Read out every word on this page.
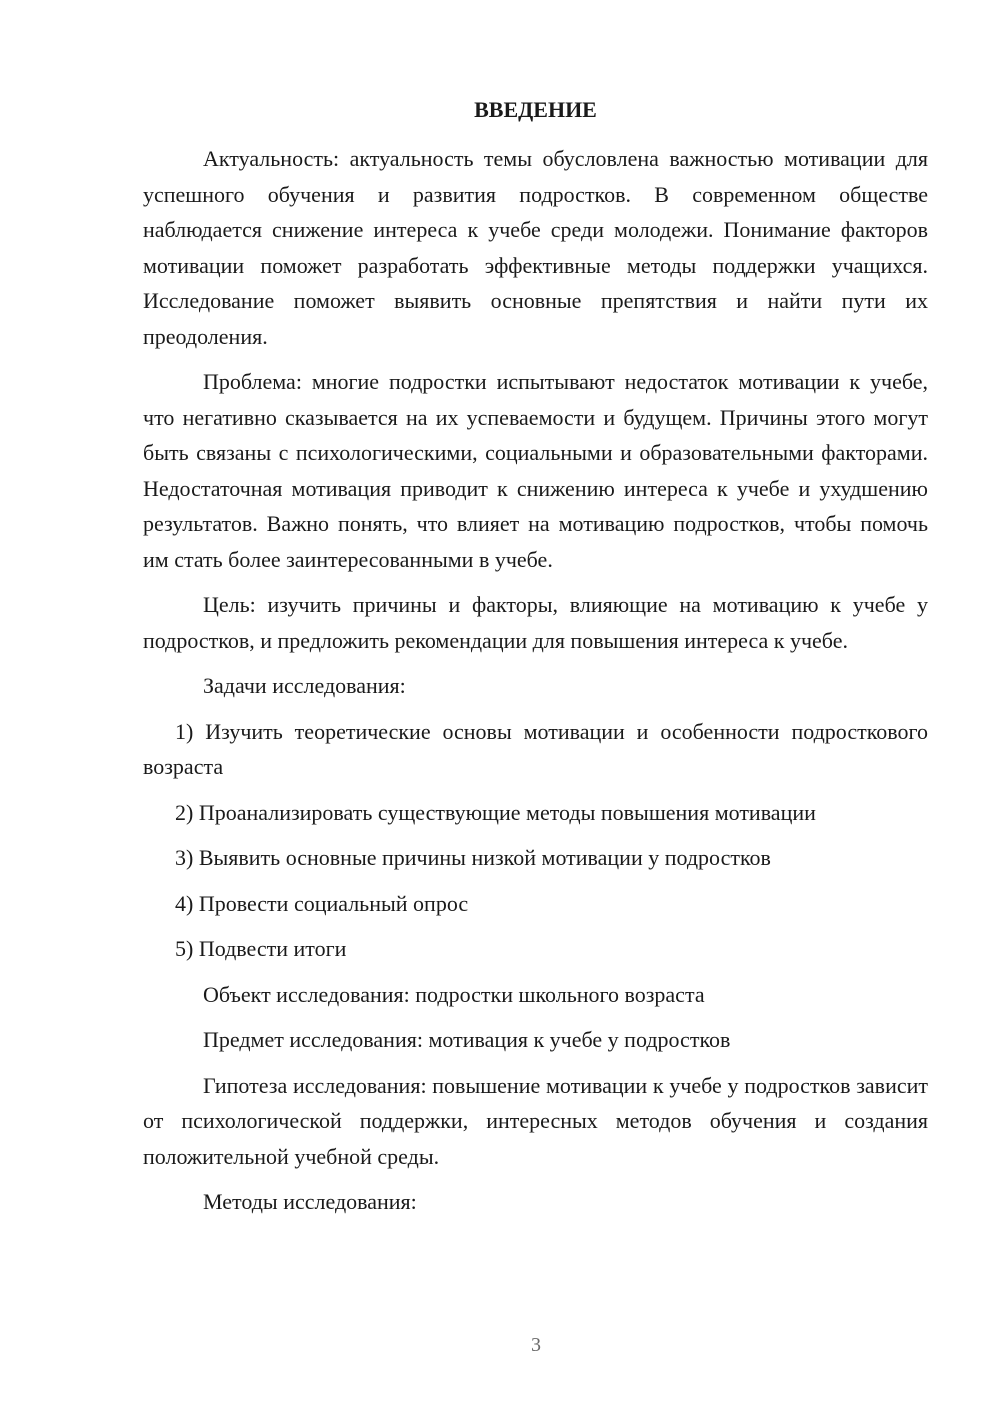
ВВЕДЕНИЕ

Актуальность: актуальность темы обусловлена важностью мотивации для успешного обучения и развития подростков. В современном обществе наблюдается снижение интереса к учебе среди молодежи. Понимание факторов мотивации поможет разработать эффективные методы поддержки учащихся. Исследование поможет выявить основные препятствия и найти пути их преодоления.

Проблема: многие подростки испытывают недостаток мотивации к учебе, что негативно сказывается на их успеваемости и будущем. Причины этого могут быть связаны с психологическими, социальными и образовательными факторами. Недостаточная мотивация приводит к снижению интереса к учебе и ухудшению результатов. Важно понять, что влияет на мотивацию подростков, чтобы помочь им стать более заинтересованными в учебе.

Цель: изучить причины и факторы, влияющие на мотивацию к учебе у подростков, и предложить рекомендации для повышения интереса к учебе.

Задачи исследования:

1) Изучить теоретические основы мотивации и особенности подросткового возраста

2) Проанализировать существующие методы повышения мотивации

3) Выявить основные причины низкой мотивации у подростков

4) Провести социальный опрос

5) Подвести итоги

Объект исследования: подростки школьного возраста

Предмет исследования: мотивация к учебе у подростков

Гипотеза исследования: повышение мотивации к учебе у подростков зависит от психологической поддержки, интересных методов обучения и создания положительной учебной среды.

Методы исследования:

3
